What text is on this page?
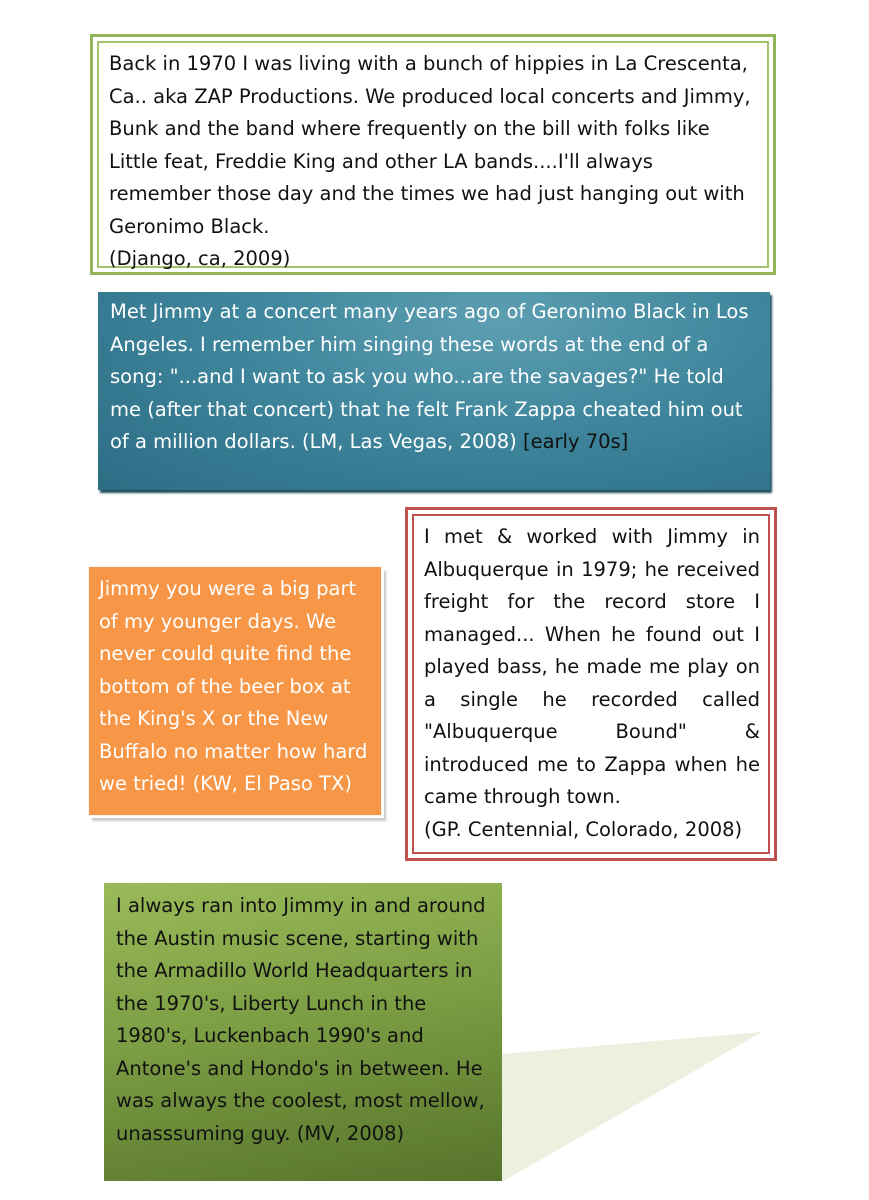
Back in 1970 I was living with a bunch of hippies in La Crescenta, Ca.. aka ZAP Productions. We produced local concerts and Jimmy, Bunk and the band where frequently on the bill with folks like Little feat, Freddie King and other LA bands....I'll always remember those day and the times we had just hanging out with Geronimo Black.
(Django, ca, 2009)

Met Jimmy at a concert many years ago of Geronimo Black in Los Angeles. I remember him singing these words at the end of a song: "...and I want to ask you who...are the savages?" He told me (after that concert) that he felt Frank Zappa cheated him out of a million dollars. (LM, Las Vegas, 2008) [early 70s]

Jimmy you were a big part of my younger days. We never could quite find the bottom of the beer box at the King's X or the New Buffalo no matter how hard we tried! (KW, El Paso TX)

I met & worked with Jimmy in Albuquerque in 1979; he received freight for the record store I managed... When he found out I played bass, he made me play on a single he recorded called "Albuquerque Bound" & introduced me to Zappa when he came through town.
(GP. Centennial, Colorado, 2008)

I always ran into Jimmy in and around the Austin music scene, starting with the Armadillo World Headquarters in the 1970's, Liberty Lunch in the 1980's, Luckenbach 1990's and Antone's and Hondo's in between. He was always the coolest, most mellow, unasssuming guy. (MV, 2008)
